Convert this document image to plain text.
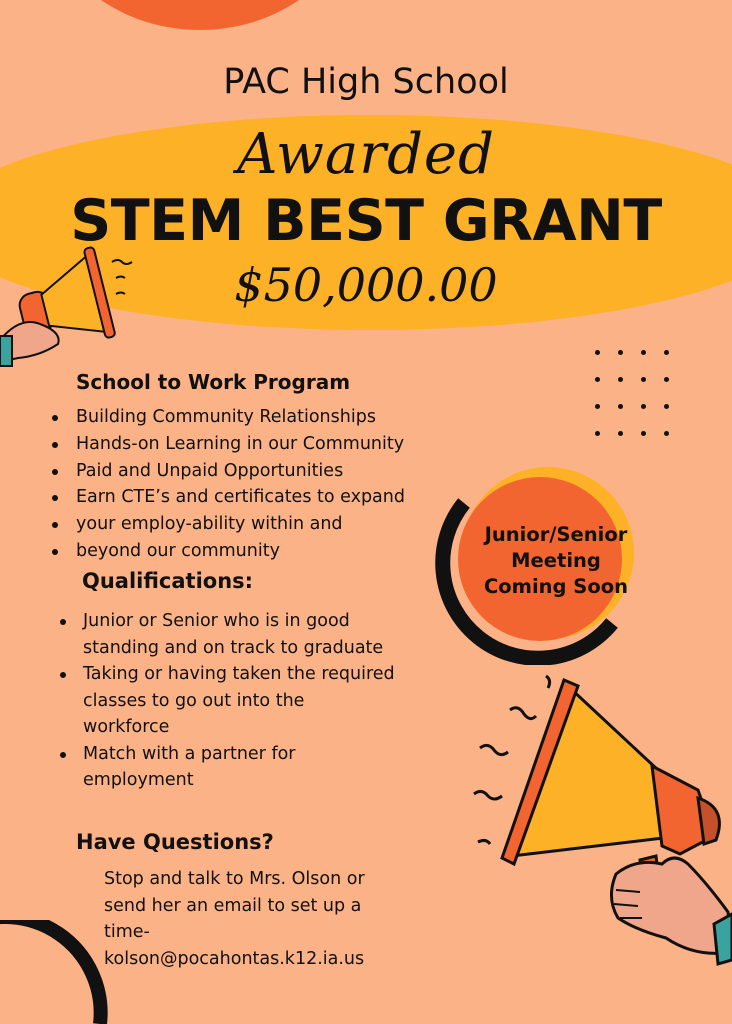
PAC High School
Awarded
STEM BEST GRANT
$50,000.00
School to Work Program
Building Community Relationships
Hands-on Learning in our Community
Paid and Unpaid Opportunities
Earn CTE’s and certificates to expand
your employ-ability within and
beyond our community
Junior/Senior
Meeting
Coming Soon
Qualifications:
Junior or Senior who is in good standing and on track to graduate
Taking or having taken the required classes to go out into the workforce
Match with a partner for employment
Have Questions?
Stop and talk to Mrs. Olson or
send her an email to set up a
time-
kolson@pocahontas.k12.ia.us
